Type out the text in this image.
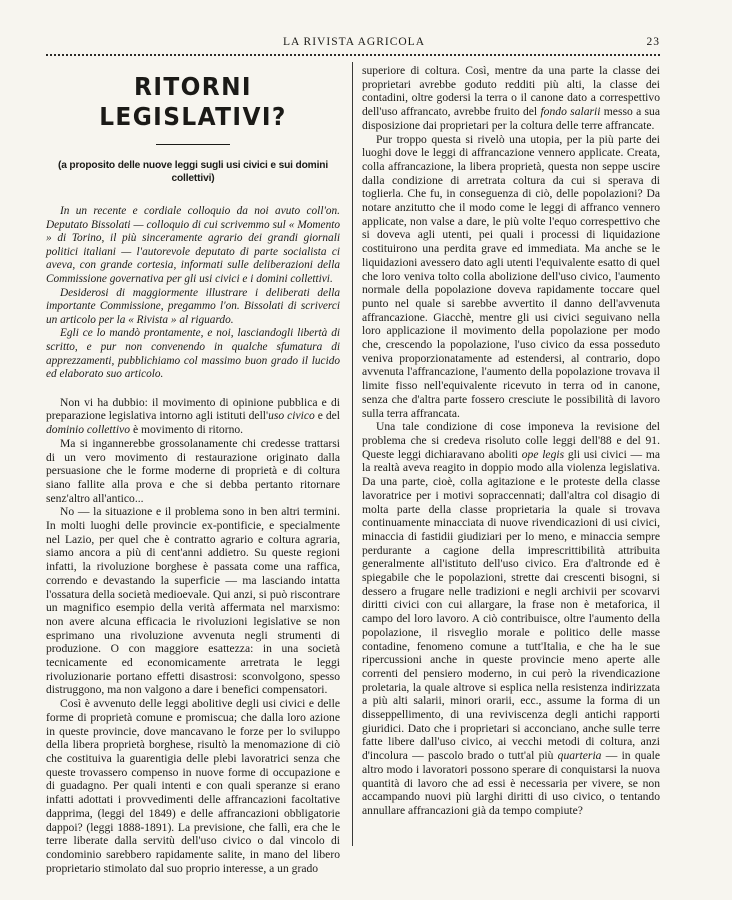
LA RIVISTA AGRICOLA	23
RITORNI LEGISLATIVI?
(a proposito delle nuove leggi sugli usi civici e sui domini collettivi)

In un recente e cordiale colloquio da noi avuto coll'on. Deputato Bissolati — colloquio di cui scrivemmo sul « Momento » di Torino, il più sinceramente agrario dei grandi giornali politici italiani — l'autorevole deputato di parte socialista ci aveva, con grande cortesia, informati sulle deliberazioni della Commissione governativa per gli usi civici e i domini collettivi.

Desiderosi di maggiormente illustrare i deliberati della importante Commissione, pregammo l'on. Bissolati di scriverci un articolo per la « Rivista » al riguardo.

Egli ce lo mandò prontamente, e noi, lasciandogli libertà di scritto, e pur non convenendo in qualche sfumatura di apprezzamenti, pubblichiamo col massimo buon grado il lucido ed elaborato suo articolo.

Non vi ha dubbio: il movimento di opinione pubblica e di preparazione legislativa intorno agli istituti dell'uso civico e del dominio collettivo è movimento di ritorno.

Ma si ingannerebbe grossolanamente chi credesse trattarsi di un vero movimento di restaurazione originato dalla persuasione che le forme moderne di proprietà e di coltura siano fallite alla prova e che si debba pertanto ritornare senz'altro all'antico...

No — la situazione e il problema sono in ben altri termini. In molti luoghi delle provincie ex-pontificie, e specialmente nel Lazio, per quel che è contratto agrario e coltura agraria, siamo ancora a più di cent'anni addietro. Su queste regioni infatti, la rivoluzione borghese è passata come una raffica, correndo e devastando la superficie — ma lasciando intatta l'ossatura della società medioevale. Qui anzi, si può riscontrare un magnifico esempio della verità affermata nel marxismo: non avere alcuna efficacia le rivoluzioni legislative se non esprimano una rivoluzione avvenuta negli strumenti di produzione. O con maggiore esattezza: in una società tecnicamente ed economicamente arretrata le leggi rivoluzionarie portano effetti disastrosi: sconvolgono, spesso distruggono, ma non valgono a dare i benefici compensatori.

Così è avvenuto delle leggi abolitive degli usi civici e delle forme di proprietà comune e promiscua; che dalla loro azione in queste provincie, dove mancavano le forze per lo sviluppo della libera proprietà borghese, risultò la menomazione di ciò che costituiva la guarentigia delle plebi lavoratrici senza che queste trovassero compenso in nuove forme di occupazione e di guadagno. Per quali intenti e con quali speranze si erano infatti adottati i provvedimenti delle affrancazioni facoltative dapprima, (leggi del 1849) e delle affrancazioni obbligatorie dappoi? (leggi 1888-1891). La previsione, che fallì, era che le terre liberate dalla servitù dell'uso civico o dal vincolo di condominio sarebbero rapidamente salite, in mano del libero proprietario stimolato dal suo proprio interesse, a un grado

superiore di coltura. Così, mentre da una parte la classe dei proprietari avrebbe goduto redditi più alti, la classe dei contadini, oltre godersi la terra o il canone dato a correspettivo dell'uso affrancato, avrebbe fruito del fondo salarii messo a sua disposizione dai proprietari per la coltura delle terre affrancate.

Pur troppo questa si rivelò una utopia, per la più parte dei luoghi dove le leggi di affrancazione vennero applicate. Creata, colla affrancazione, la libera proprietà, questa non seppe uscire dalla condizione di arretrata coltura da cui si sperava di toglierla. Che fu, in conseguenza di ciò, delle popolazioni? Da notare anzitutto che il modo come le leggi di affranco vennero applicate, non valse a dare, le più volte l'equo correspettivo che si doveva agli utenti, pei quali i processi di liquidazione costituirono una perdita grave ed immediata. Ma anche se le liquidazioni avessero dato agli utenti l'equivalente esatto di quel che loro veniva tolto colla abolizione dell'uso civico, l'aumento normale della popolazione doveva rapidamente toccare quel punto nel quale si sarebbe avvertito il danno dell'avvenuta affrancazione. Giacchè, mentre gli usi civici seguivano nella loro applicazione il movimento della popolazione per modo che, crescendo la popolazione, l'uso civico da essa posseduto veniva proporzionatamente ad estendersi, al contrario, dopo avvenuta l'affrancazione, l'aumento della popolazione trovava il limite fisso nell'equivalente ricevuto in terra od in canone, senza che d'altra parte fossero cresciute le possibilità di lavoro sulla terra affrancata.

Una tale condizione di cose imponeva la revisione del problema che si credeva risoluto colle leggi dell'88 e del 91. Queste leggi dichiaravano aboliti ope legis gli usi civici — ma la realtà aveva reagito in doppio modo alla violenza legislativa. Da una parte, cioè, colla agitazione e le proteste della classe lavoratrice per i motivi sopraccennati; dall'altra col disagio di molta parte della classe proprietaria la quale si trovava continuamente minacciata di nuove rivendicazioni di usi civici, minaccia di fastidii giudiziari per lo meno, e minaccia sempre perdurante a cagione della imprescrittibilità attribuita generalmente all'istituto dell'uso civico. Era d'altronde ed è spiegabile che le popolazioni, strette dai crescenti bisogni, si dessero a frugare nelle tradizioni e negli archivii per scovarvi diritti civici con cui allargare, la frase non è metaforica, il campo del loro lavoro. A ciò contribuisce, oltre l'aumento della popolazione, il risveglio morale e politico delle masse contadine, fenomeno comune a tutt'Italia, e che ha le sue ripercussioni anche in queste provincie meno aperte alle correnti del pensiero moderno, in cui però la rivendicazione proletaria, la quale altrove si esplica nella resistenza indirizzata a più alti salarii, minori orarii, ecc., assume la forma di un disseppellimento, di una reviviscenza degli antichi rapporti giuridici. Dato che i proprietari si acconciano, anche sulle terre fatte libere dall'uso civico, ai vecchi metodi di coltura, anzi d'incolura — pascolo brado o tutt'al più quarteria — in quale altro modo i lavoratori possono sperare di conquistarsi la nuova quantità di lavoro che ad essi è necessaria per vivere, se non accampando nuovi più larghi diritti di uso civico, o tentando annullare affrancazioni già da tempo compiute?
